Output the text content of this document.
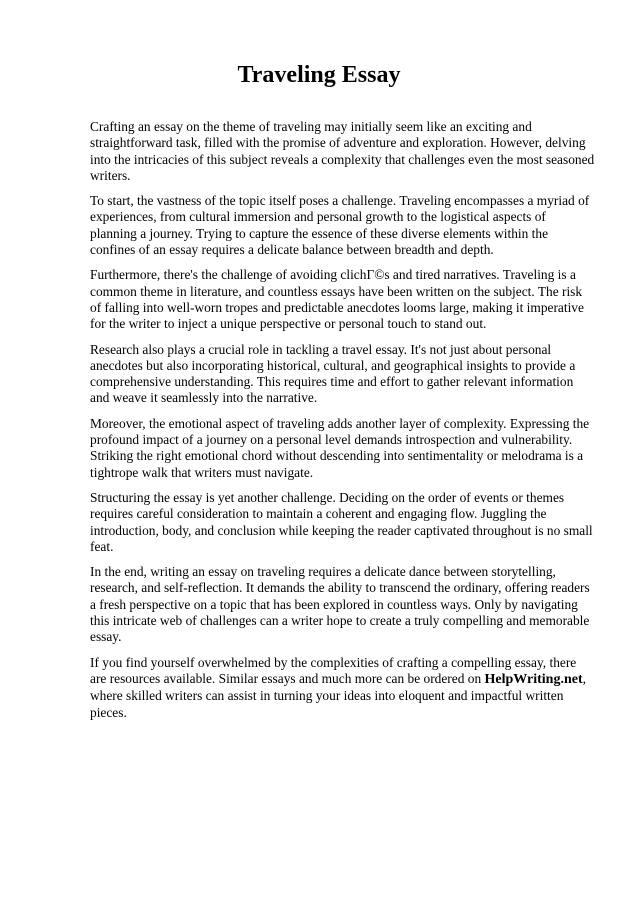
Traveling Essay

Crafting an essay on the theme of traveling may initially seem like an exciting and straightforward task, filled with the promise of adventure and exploration. However, delving into the intricacies of this subject reveals a complexity that challenges even the most seasoned writers.

To start, the vastness of the topic itself poses a challenge. Traveling encompasses a myriad of experiences, from cultural immersion and personal growth to the logistical aspects of planning a journey. Trying to capture the essence of these diverse elements within the confines of an essay requires a delicate balance between breadth and depth.

Furthermore, there's the challenge of avoiding clichГ©s and tired narratives. Traveling is a common theme in literature, and countless essays have been written on the subject. The risk of falling into well-worn tropes and predictable anecdotes looms large, making it imperative for the writer to inject a unique perspective or personal touch to stand out.

Research also plays a crucial role in tackling a travel essay. It's not just about personal anecdotes but also incorporating historical, cultural, and geographical insights to provide a comprehensive understanding. This requires time and effort to gather relevant information and weave it seamlessly into the narrative.

Moreover, the emotional aspect of traveling adds another layer of complexity. Expressing the profound impact of a journey on a personal level demands introspection and vulnerability. Striking the right emotional chord without descending into sentimentality or melodrama is a tightrope walk that writers must navigate.

Structuring the essay is yet another challenge. Deciding on the order of events or themes requires careful consideration to maintain a coherent and engaging flow. Juggling the introduction, body, and conclusion while keeping the reader captivated throughout is no small feat.

In the end, writing an essay on traveling requires a delicate dance between storytelling, research, and self-reflection. It demands the ability to transcend the ordinary, offering readers a fresh perspective on a topic that has been explored in countless ways. Only by navigating this intricate web of challenges can a writer hope to create a truly compelling and memorable essay.

If you find yourself overwhelmed by the complexities of crafting a compelling essay, there are resources available. Similar essays and much more can be ordered on HelpWriting.net, where skilled writers can assist in turning your ideas into eloquent and impactful written pieces.
